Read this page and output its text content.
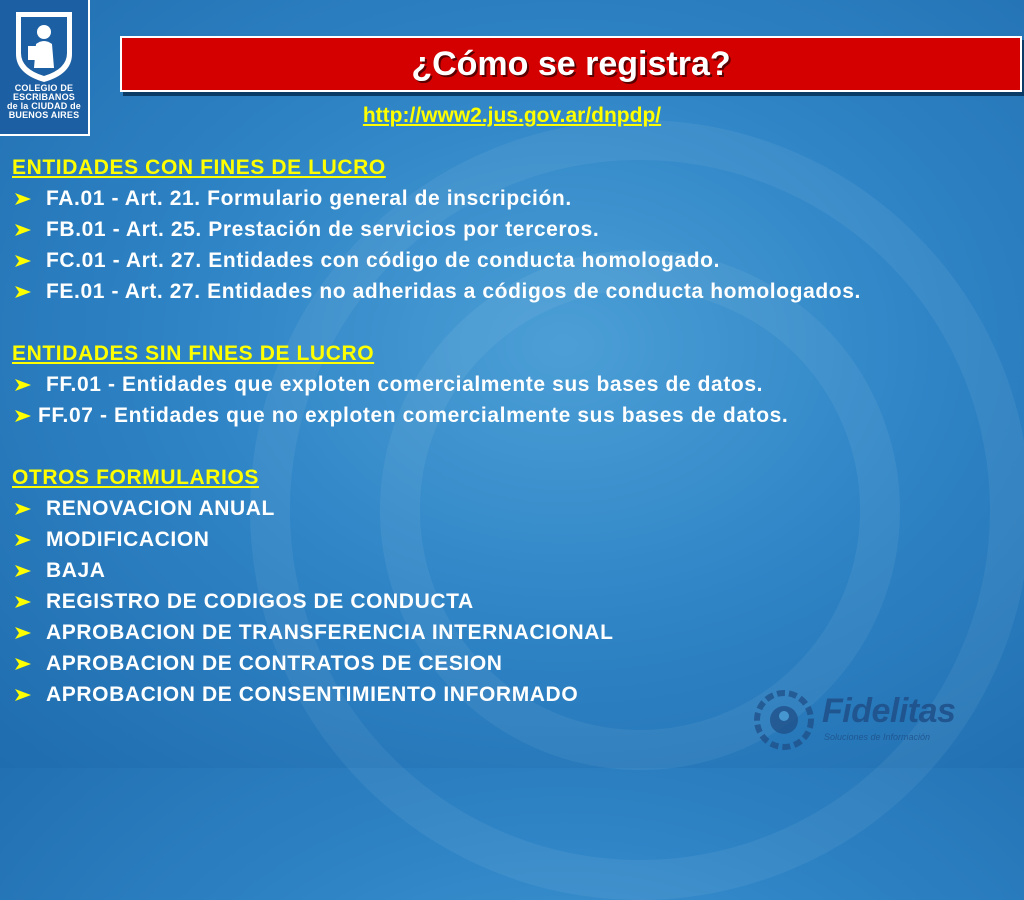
COLEGIO DE
ESCRIBANOS
de la CIUDAD de
BUENOS AIRES
¿Cómo se registra?
http://www2.jus.gov.ar/dnpdp/
ENTIDADES CON FINES DE LUCRO
FA.01 - Art. 21. Formulario general de inscripción.
FB.01 - Art. 25. Prestación de servicios por terceros.
FC.01 - Art. 27. Entidades con código de conducta homologado.
FE.01 - Art. 27. Entidades no adheridas a códigos de conducta homologados.
ENTIDADES SIN FINES DE LUCRO
FF.01 - Entidades que exploten comercialmente sus bases de datos.
FF.07 - Entidades que no exploten comercialmente sus bases de datos.
OTROS FORMULARIOS
RENOVACION ANUAL
MODIFICACION
BAJA
REGISTRO DE CODIGOS DE CONDUCTA
APROBACION DE TRANSFERENCIA INTERNACIONAL
APROBACION DE CONTRATOS DE CESION
APROBACION DE CONSENTIMIENTO INFORMADO	Fidelitas
Soluciones de Información
